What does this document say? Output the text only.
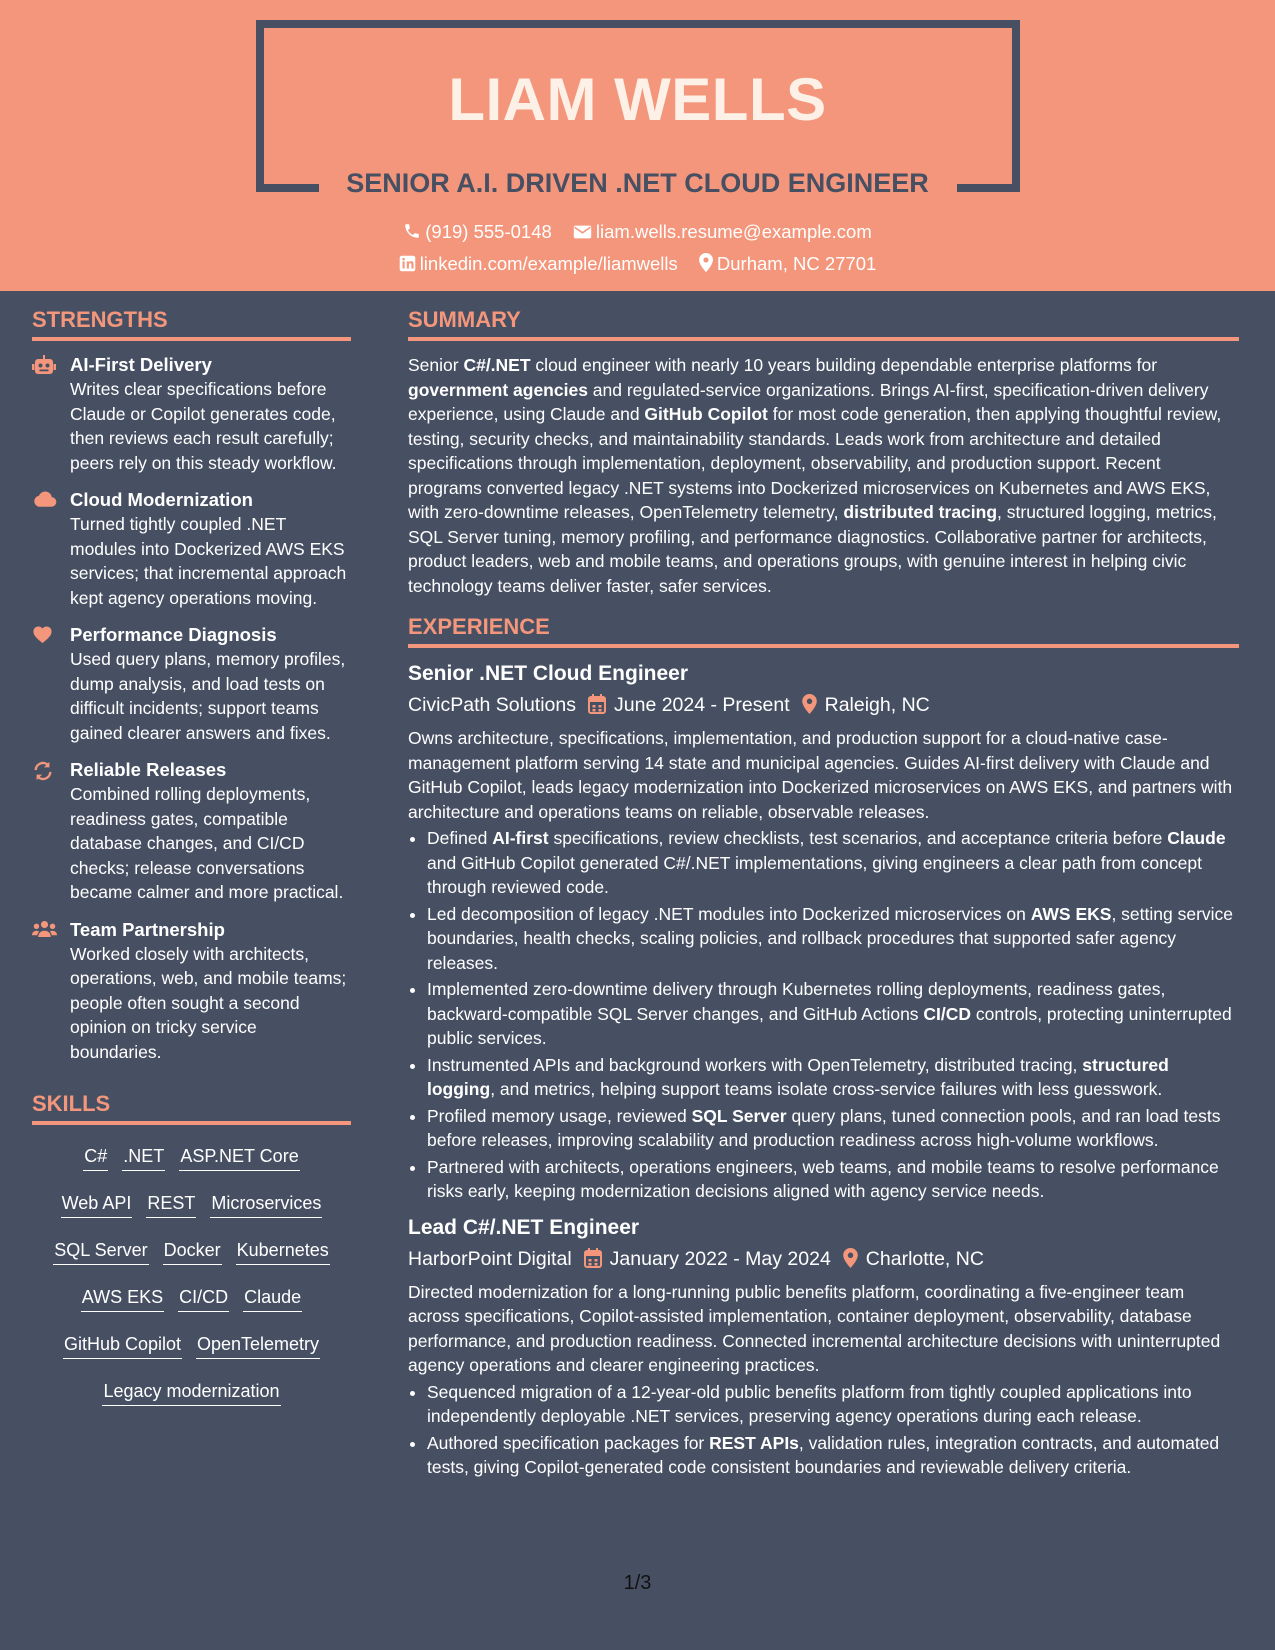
LIAM WELLS
SENIOR A.I. DRIVEN .NET CLOUD ENGINEER
(919) 555-0148 liam.wells.resume@example.com
linkedin.com/example/liamwells Durham, NC 27701
STRENGTHS
AI-First Delivery
Writes clear specifications before Claude or Copilot generates code, then reviews each result carefully; peers rely on this steady workflow.
Cloud Modernization
Turned tightly coupled .NET modules into Dockerized AWS EKS services; that incremental approach kept agency operations moving.
Performance Diagnosis
Used query plans, memory profiles, dump analysis, and load tests on difficult incidents; support teams gained clearer answers and fixes.
Reliable Releases
Combined rolling deployments, readiness gates, compatible database changes, and CI/CD checks; release conversations became calmer and more practical.
Team Partnership
Worked closely with architects, operations, web, and mobile teams; people often sought a second opinion on tricky service boundaries.
SKILLS
C# .NET ASP.NET CoreWeb API REST MicroservicesSQL Server Docker KubernetesAWS EKS CI/CD ClaudeGitHub Copilot OpenTelemetryLegacy modernization
SUMMARY

Senior C#/.NET cloud engineer with nearly 10 years building dependable enterprise platforms for government agencies and regulated-service organizations. Brings AI-first, specification-driven delivery experience, using Claude and GitHub Copilot for most code generation, then applying thoughtful review, testing, security checks, and maintainability standards. Leads work from architecture and detailed specifications through implementation, deployment, observability, and production support. Recent programs converted legacy .NET systems into Dockerized microservices on Kubernetes and AWS EKS, with zero-downtime releases, OpenTelemetry telemetry, distributed tracing, structured logging, metrics, SQL Server tuning, memory profiling, and performance diagnostics. Collaborative partner for architects, product leaders, web and mobile teams, and operations groups, with genuine interest in helping civic technology teams deliver faster, safer services.

EXPERIENCE
Senior .NET Cloud Engineer
CivicPath Solutions June 2024 - Present Raleigh, NC

Owns architecture, specifications, implementation, and production support for a cloud-native case-management platform serving 14 state and municipal agencies. Guides AI-first delivery with Claude and GitHub Copilot, leads legacy modernization into Dockerized microservices on AWS EKS, and partners with architecture and operations teams on reliable, observable releases.

• Defined AI-first specifications, review checklists, test scenarios, and acceptance criteria before Claude and GitHub Copilot generated C#/.NET implementations, giving engineers a clear path from concept through reviewed code.
• Led decomposition of legacy .NET modules into Dockerized microservices on AWS EKS, setting service boundaries, health checks, scaling policies, and rollback procedures that supported safer agency releases.
• Implemented zero-downtime delivery through Kubernetes rolling deployments, readiness gates, backward-compatible SQL Server changes, and GitHub Actions CI/CD controls, protecting uninterrupted public services.
• Instrumented APIs and background workers with OpenTelemetry, distributed tracing, structured logging, and metrics, helping support teams isolate cross-service failures with less guesswork.
• Profiled memory usage, reviewed SQL Server query plans, tuned connection pools, and ran load tests before releases, improving scalability and production readiness across high-volume workflows.
• Partnered with architects, operations engineers, web teams, and mobile teams to resolve performance risks early, keeping modernization decisions aligned with agency service needs.
Lead C#/.NET Engineer
HarborPoint Digital January 2022 - May 2024 Charlotte, NC

Directed modernization for a long-running public benefits platform, coordinating a five-engineer team across specifications, Copilot-assisted implementation, container deployment, observability, database performance, and production readiness. Connected incremental architecture decisions with uninterrupted agency operations and clearer engineering practices.

• Sequenced migration of a 12-year-old public benefits platform from tightly coupled applications into independently deployable .NET services, preserving agency operations during each release.
• Authored specification packages for REST APIs, validation rules, integration contracts, and automated tests, giving Copilot-generated code consistent boundaries and reviewable delivery criteria.
1/3
